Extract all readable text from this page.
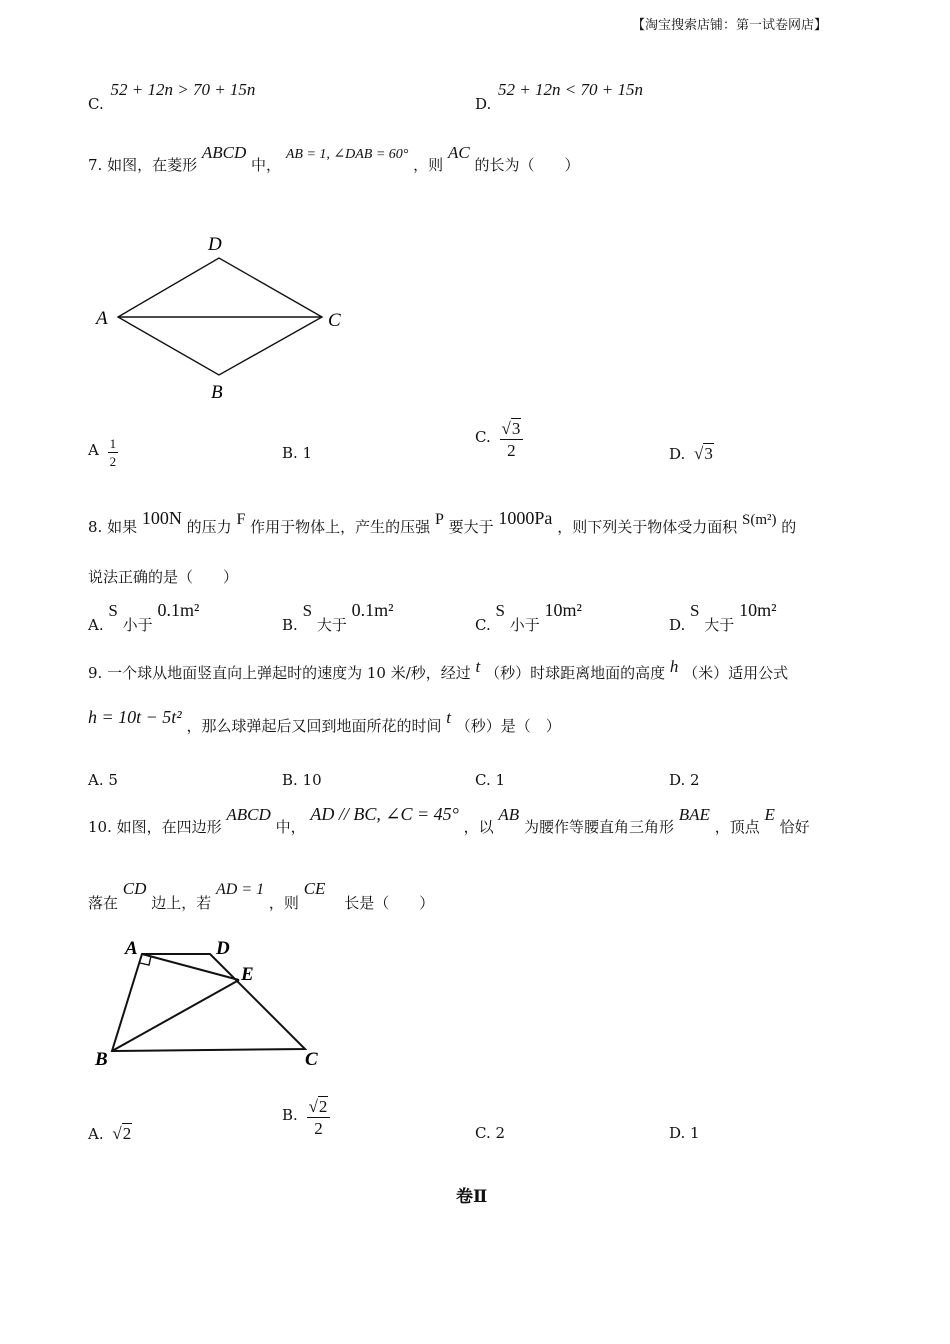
【淘宝搜索店铺：第一试卷网店】
C. 52 + 12n > 70 + 15n
D. 52 + 12n < 70 + 15n
7. 如图，在菱形 ABCD 中， AB = 1, ∠DAB = 60° ，则 AC 的长为（　　）
D
A	C
B
A $\frac{1}{2}$	B. 1
C. $\frac{√3}{2}$	D. √3
8. 如果 100N 的压力 F 作用于物体上，产生的压强 P 要大于 1000Pa ，则下列关于物体受力面积 S(m²) 的
说法正确的是（　　）
A. S 小于 0.1m²
B. S 大于 0.1m²
C. S 小于 10m²
D. S 大于 10m²
9. 一个球从地面竖直向上弹起时的速度为 10 米/秒，经过 t （秒）时球距离地面的高度 h （米）适用公式
h = 10t − 5t² ，那么球弹起后又回到地面所花的时间 t （秒）是（　）
A. 5	B. 10	C. 1	D. 2
10. 如图，在四边形 ABCD 中， AD // BC, ∠C = 45° ，以 AB 为腰作等腰直角三角形 BAE ，顶点 E 恰好
落在 CD 边上，若 AD = 1 ，则 CE 长是（　　）
A	D
E
B	C
A. √2
B. $\frac{√2}{2}$	C. 2	D. 1
卷Ⅱ
